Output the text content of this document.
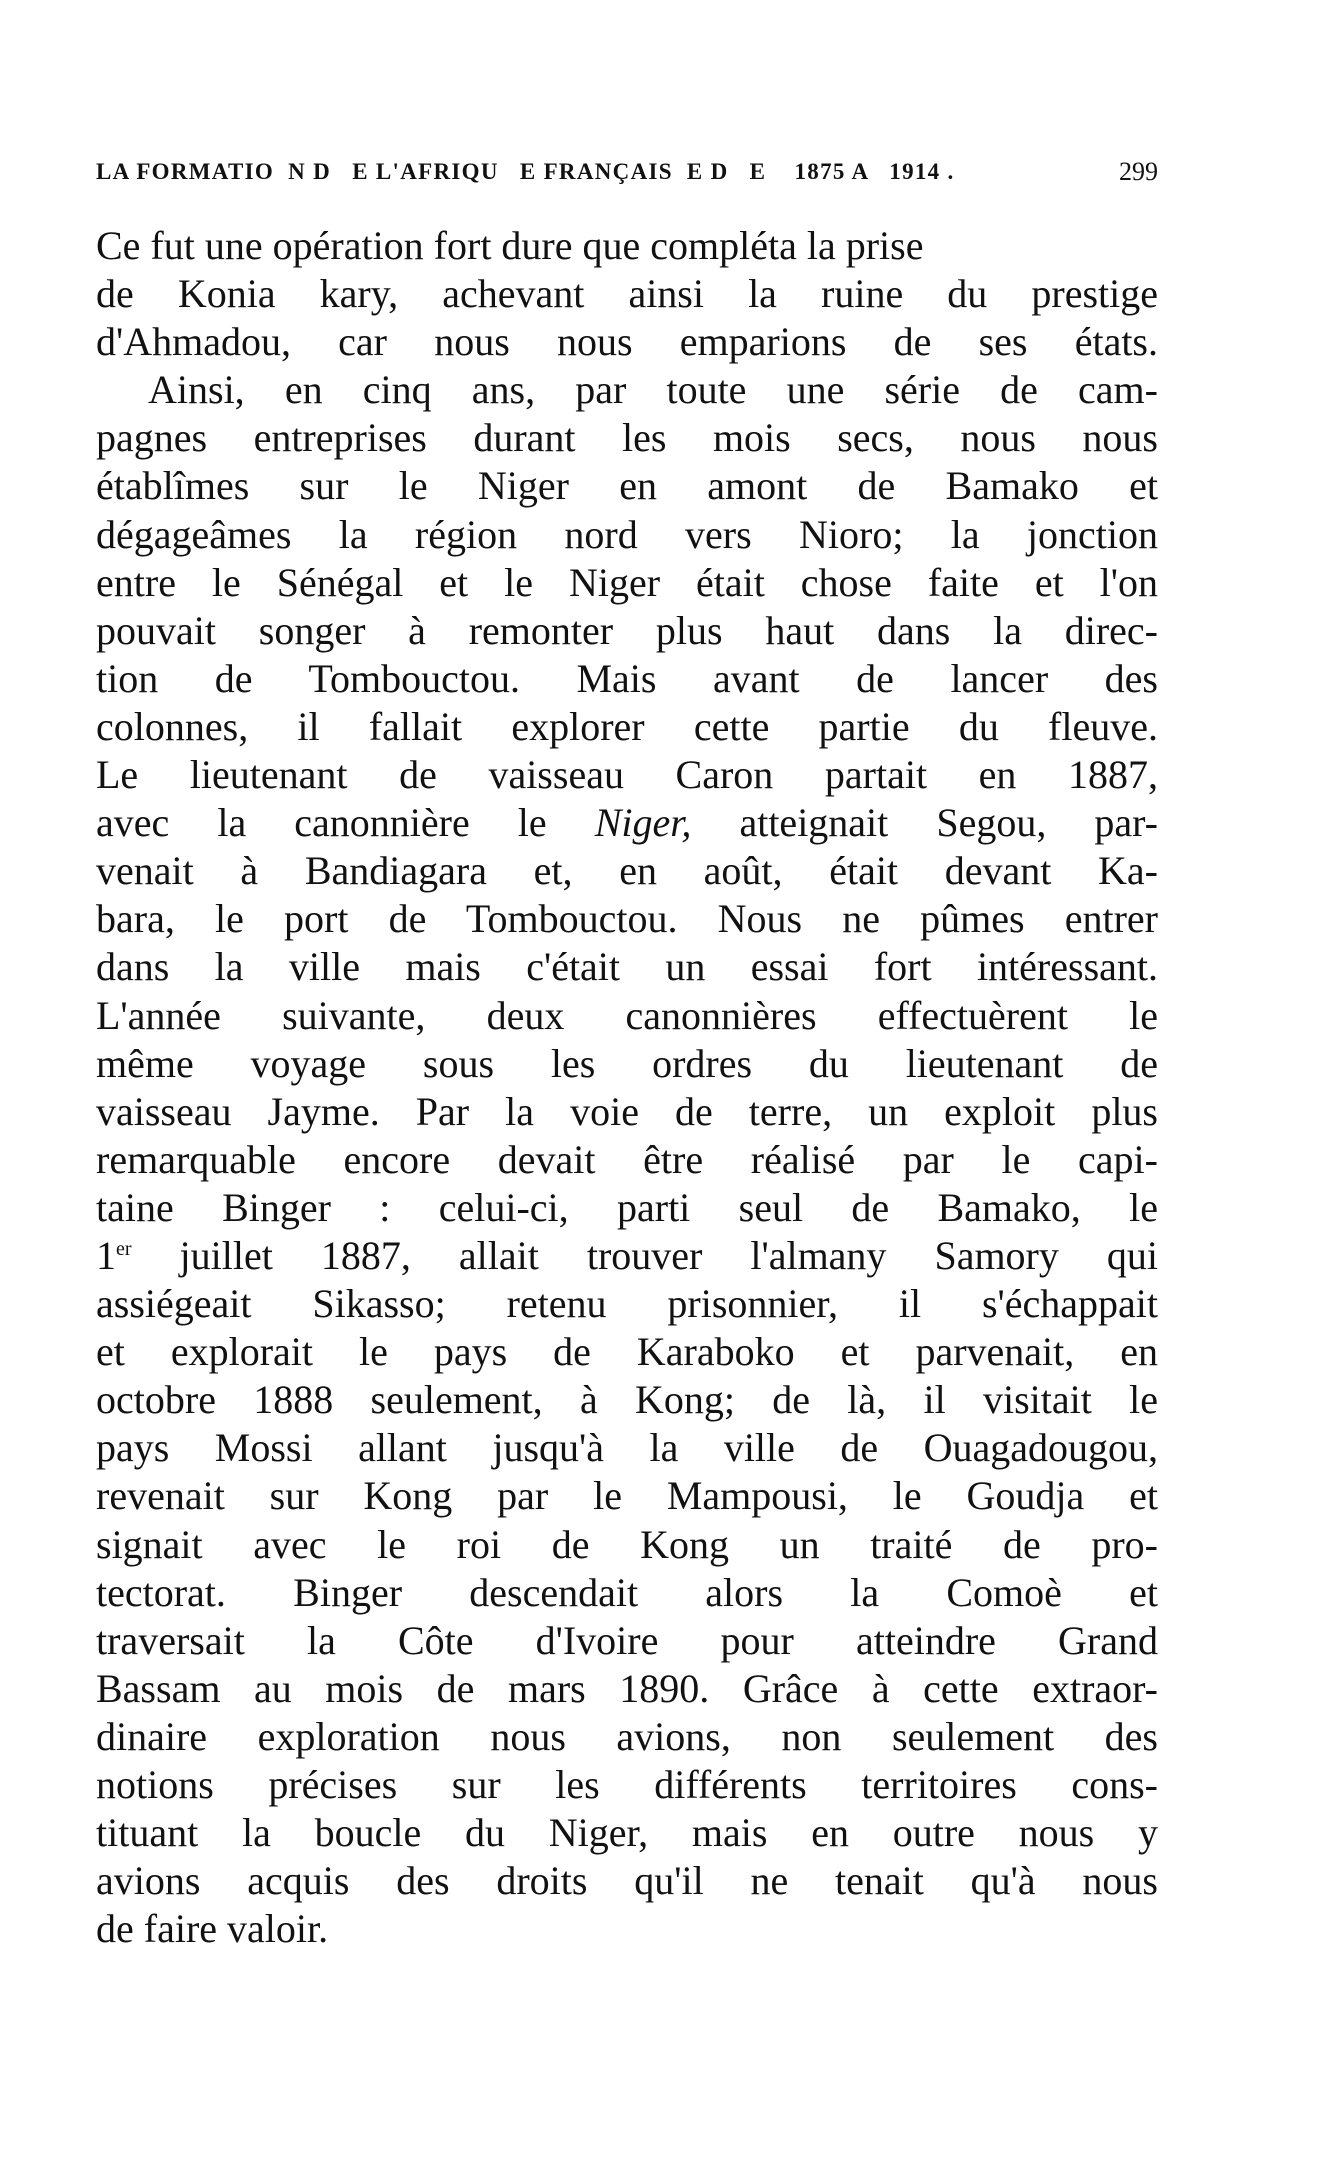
LA FORMATIO  N D   E L'AFRIQU   E FRANÇAIS  E D   E    1875 A   1914 .	299
Ce fut une opération fort dure que compléta la prise
de Konia kary, achevant ainsi la ruine du prestige
d'Ahmadou, car nous nous emparions de ses états.
Ainsi, en cinq ans, par toute une série de cam-
pagnes entreprises durant les mois secs, nous nous
établîmes sur le Niger en amont de Bamako et
dégageâmes la région nord vers Nioro; la jonction
entre le Sénégal et le Niger était chose faite et l'on
pouvait songer à remonter plus haut dans la direc-
tion de Tombouctou. Mais avant de lancer des
colonnes, il fallait explorer cette partie du fleuve.
Le lieutenant de vaisseau Caron partait en 1887,
avec la canonnière le Niger, atteignait Segou, par-
venait à Bandiagara et, en août, était devant Ka-
bara, le port de Tombouctou. Nous ne pûmes entrer
dans la ville mais c'était un essai fort intéressant.
L'année suivante, deux canonnières effectuèrent le
même voyage sous les ordres du lieutenant de
vaisseau Jayme. Par la voie de terre, un exploit plus
remarquable encore devait être réalisé par le capi-
taine Binger : celui-ci, parti seul de Bamako, le
1er juillet 1887, allait trouver l'almany Samory qui
assiégeait Sikasso; retenu prisonnier, il s'échappait
et explorait le pays de Karaboko et parvenait, en
octobre 1888 seulement, à Kong; de là, il visitait le
pays Mossi allant jusqu'à la ville de Ouagadougou,
revenait sur Kong par le Mampousi, le Goudja et
signait avec le roi de Kong un traité de pro-
tectorat. Binger descendait alors la Comoè et
traversait la Côte d'Ivoire pour atteindre Grand
Bassam au mois de mars 1890. Grâce à cette extraor-
dinaire exploration nous avions, non seulement des
notions précises sur les différents territoires cons-
tituant la boucle du Niger, mais en outre nous y
avions acquis des droits qu'il ne tenait qu'à nous
de faire valoir.
